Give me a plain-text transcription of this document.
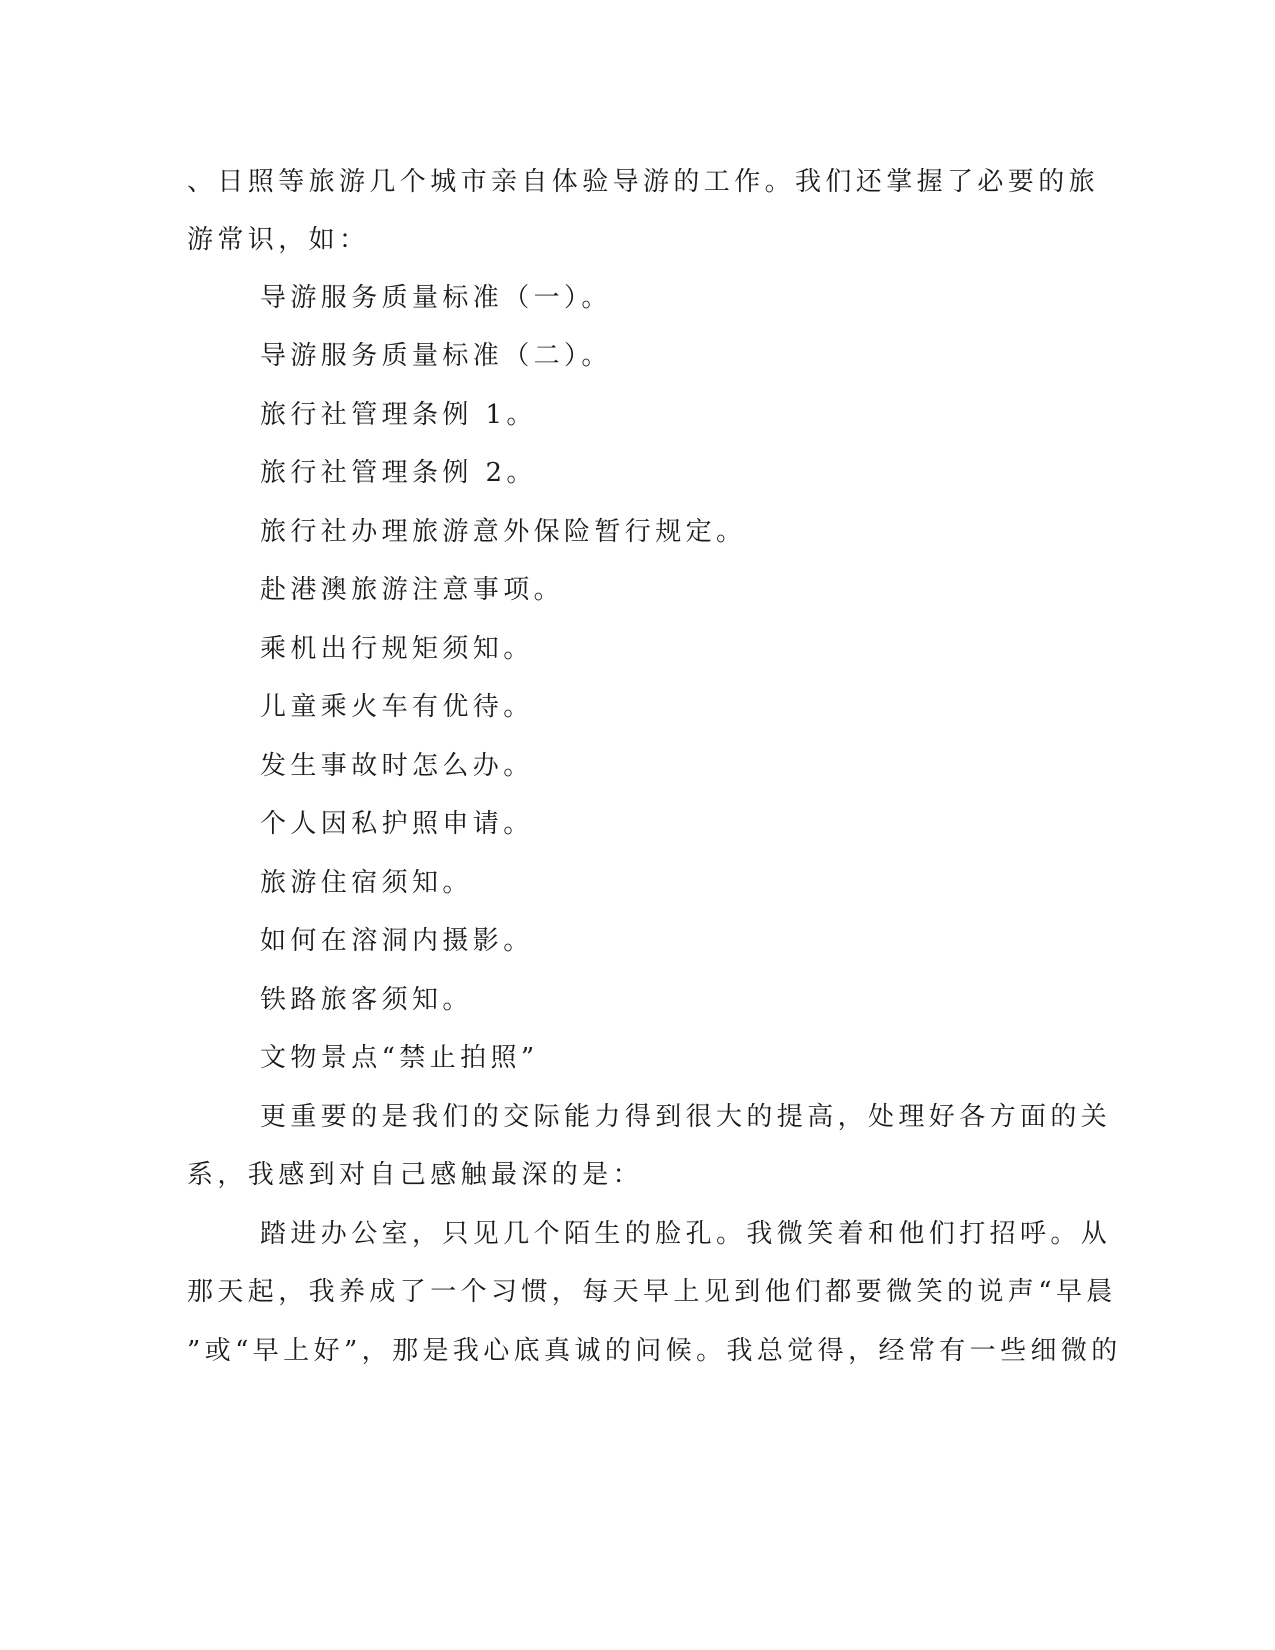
、日照等旅游几个城市亲自体验导游的工作。我们还掌握了必要的旅
游常识，如：
导游服务质量标准（一）。
导游服务质量标准（二）。
旅行社管理条例 1。
旅行社管理条例 2。
旅行社办理旅游意外保险暂行规定。
赴港澳旅游注意事项。
乘机出行规矩须知。
儿童乘火车有优待。
发生事故时怎么办。
个人因私护照申请。
旅游住宿须知。
如何在溶洞内摄影。
铁路旅客须知。
文物景点“禁止拍照”
更重要的是我们的交际能力得到很大的提高，处理好各方面的关
系，我感到对自己感触最深的是：
踏进办公室，只见几个陌生的脸孔。我微笑着和他们打招呼。从
那天起，我养成了一个习惯，每天早上见到他们都要微笑的说声“早晨
”或“早上好”，那是我心底真诚的问候。我总觉得，经常有一些细微的
